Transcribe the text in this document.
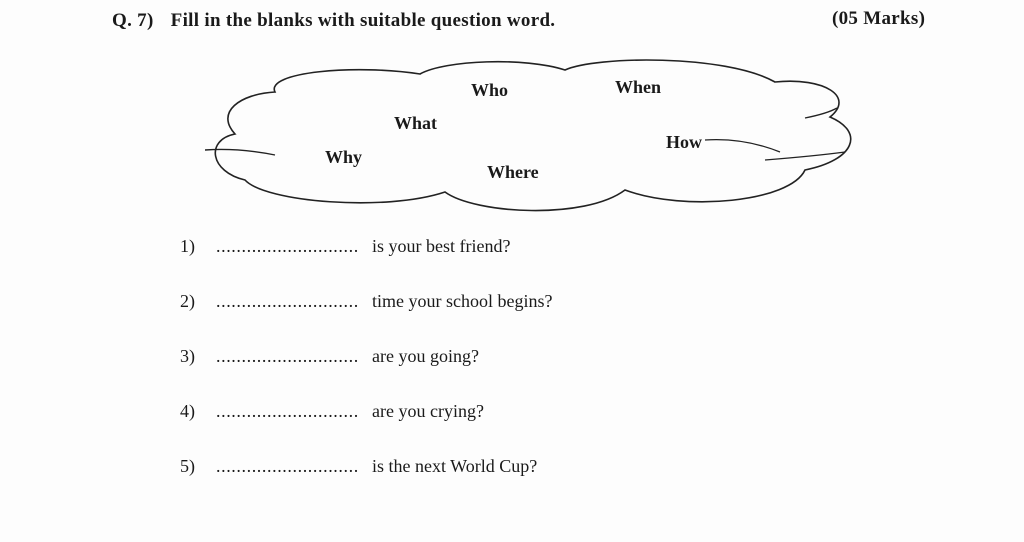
Q. 7) Fill in the blanks with suitable question word.	(05 Marks)
Who	When
What
How
Why
Where
1)	............................ is your best friend?
2)	............................ time your school begins?
3)	............................ are you going?
4)	............................ are you crying?
5)	............................ is the next World Cup?
